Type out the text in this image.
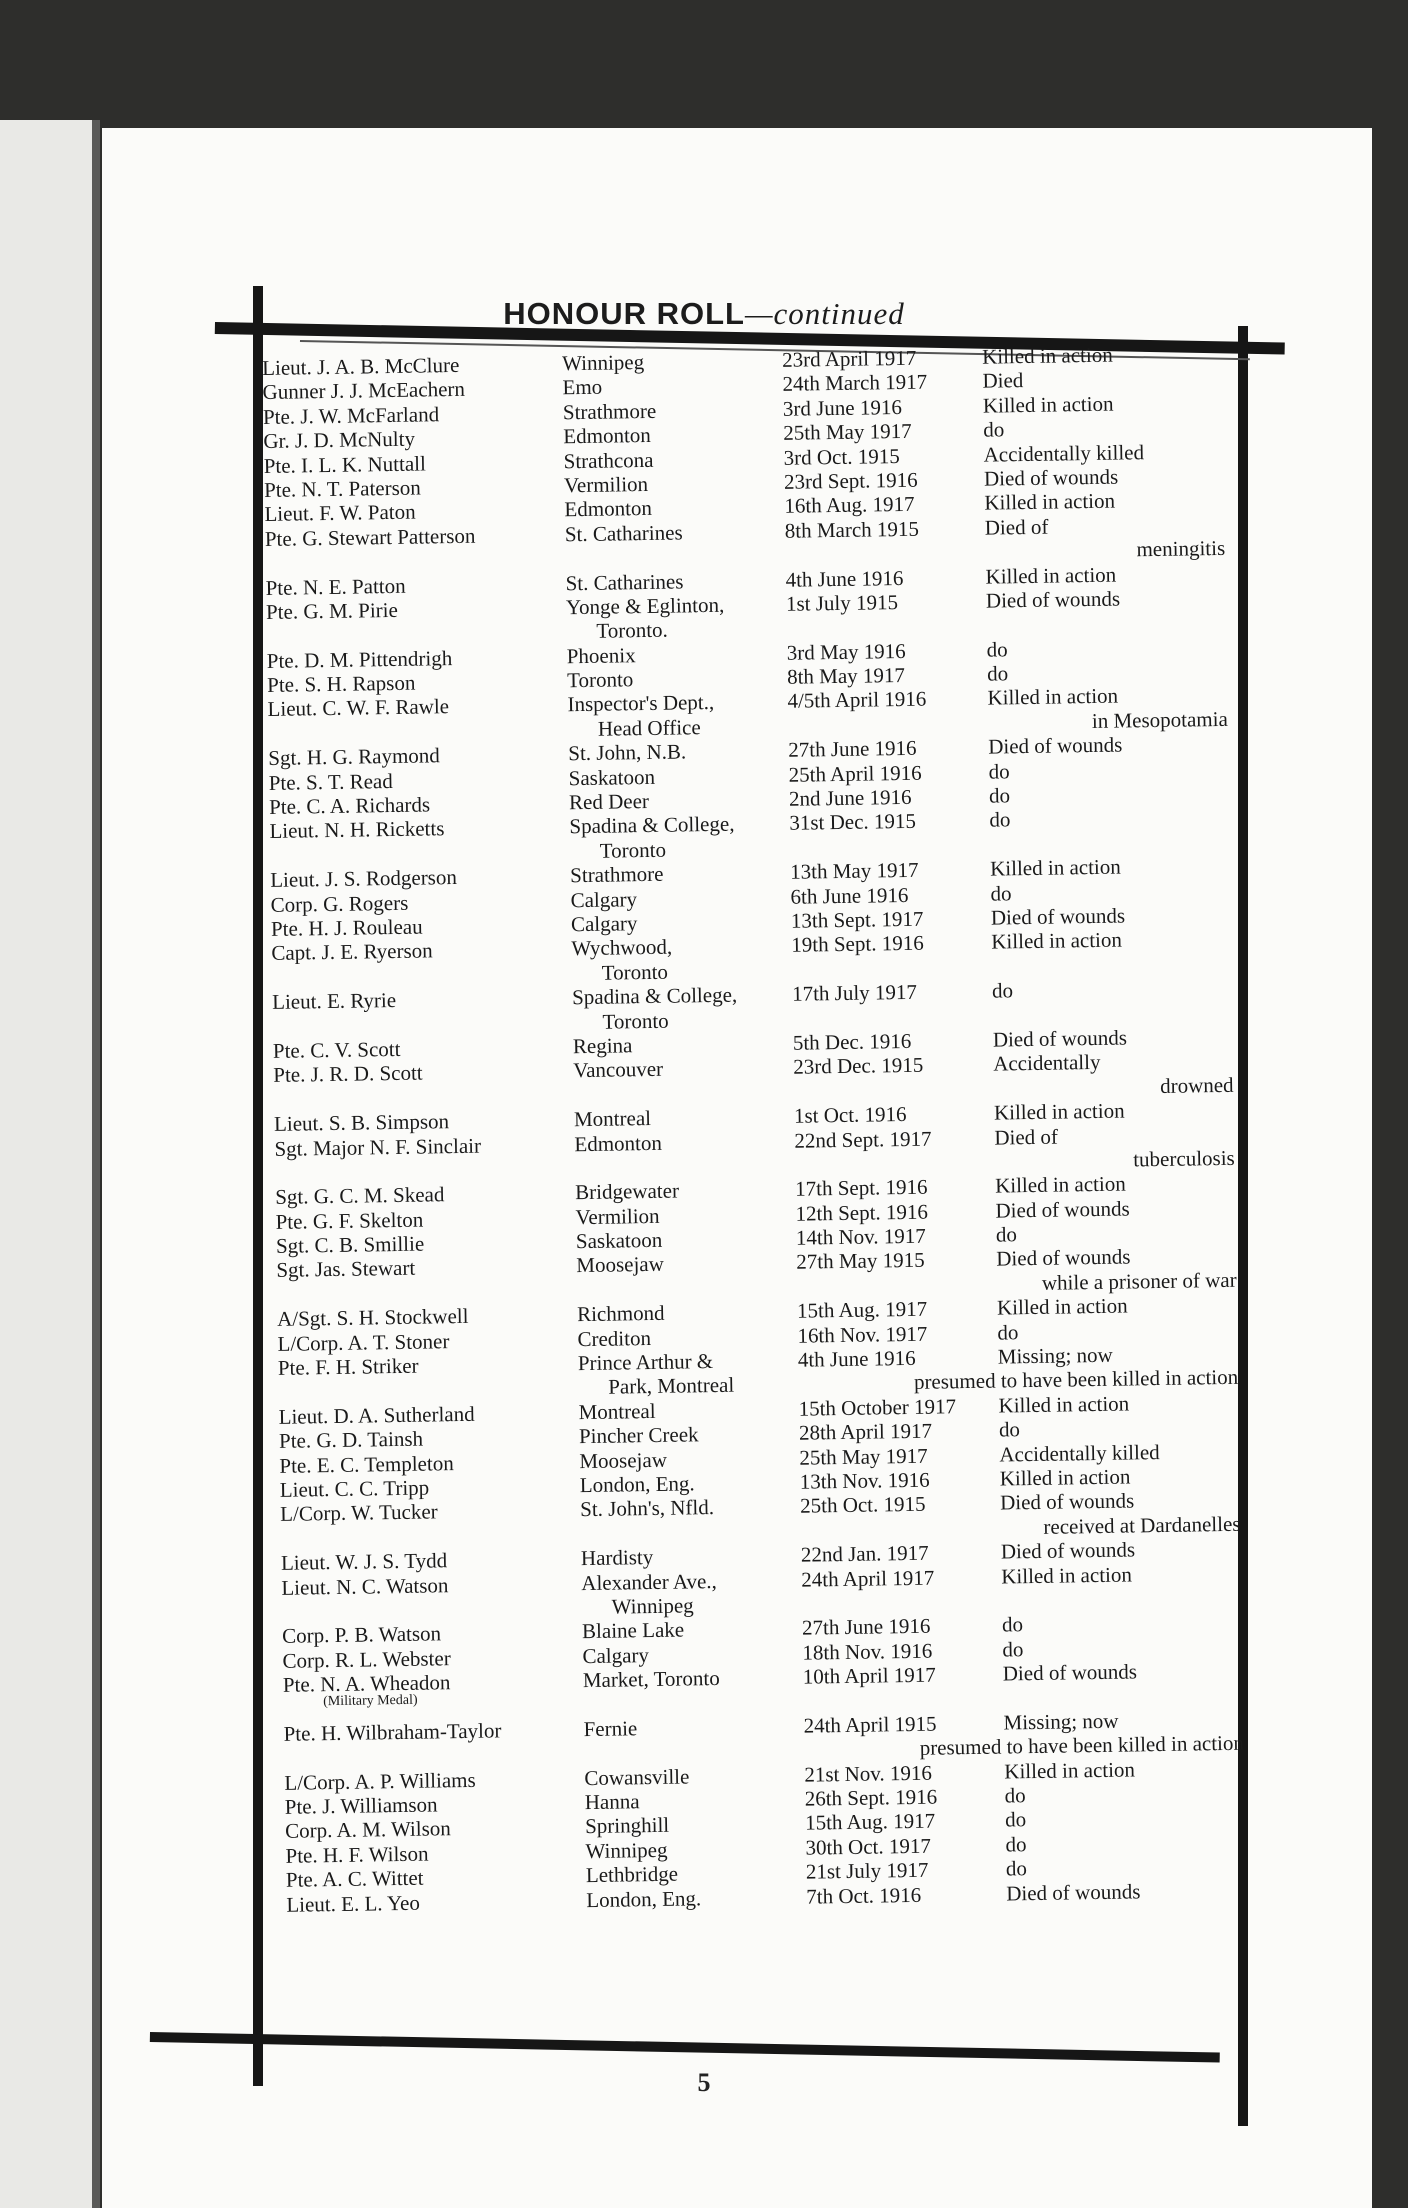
HONOUR ROLL—continued
Lieut. J. A. B. McClure	Winnipeg	23rd April 1917	Killed in action
Gunner J. J. McEachern	Emo	24th March 1917	Died
Pte. J. W. McFarland	Strathmore	3rd June 1916	Killed in action
Gr. J. D. McNulty	Edmonton	25th May 1917	do
Pte. I. L. K. Nuttall	Strathcona	3rd Oct. 1915	Accidentally killed
Pte. N. T. Paterson	Vermilion	23rd Sept. 1916	Died of wounds
Lieut. F. W. Paton	Edmonton	16th Aug. 1917	Killed in action
Pte. G. Stewart Patterson	St. Catharines	8th March 1915	Died of
meningitis
Pte. N. E. Patton	St. Catharines	4th June 1916	Killed in action
Pte. G. M. Pirie	Yonge & Eglinton,	1st July 1915	Died of wounds
Toronto.
Pte. D. M. Pittendrigh	Phoenix	3rd May 1916	do
Pte. S. H. Rapson	Toronto	8th May 1917	do
Lieut. C. W. F. Rawle	Inspector's Dept.,	4/5th April 1916	Killed in action
Head Office	in Mesopotamia
Sgt. H. G. Raymond	St. John, N.B.	27th June 1916	Died of wounds
Pte. S. T. Read	Saskatoon	25th April 1916	do
Pte. C. A. Richards	Red Deer	2nd June 1916	do
Lieut. N. H. Ricketts	Spadina & College,	31st Dec. 1915	do
Toronto
Lieut. J. S. Rodgerson	Strathmore	13th May 1917	Killed in action
Corp. G. Rogers	Calgary	6th June 1916	do
Pte. H. J. Rouleau	Calgary	13th Sept. 1917	Died of wounds
Capt. J. E. Ryerson	Wychwood,	19th Sept. 1916	Killed in action
Toronto
Lieut. E. Ryrie	Spadina & College,	17th July 1917	do
Toronto
Pte. C. V. Scott	Regina	5th Dec. 1916	Died of wounds
Pte. J. R. D. Scott	Vancouver	23rd Dec. 1915	Accidentally
drowned
Lieut. S. B. Simpson	Montreal	1st Oct. 1916	Killed in action
Sgt. Major N. F. Sinclair	Edmonton	22nd Sept. 1917	Died of
tuberculosis
Sgt. G. C. M. Skead	Bridgewater	17th Sept. 1916	Killed in action
Pte. G. F. Skelton	Vermilion	12th Sept. 1916	Died of wounds
Sgt. C. B. Smillie	Saskatoon	14th Nov. 1917	do
Sgt. Jas. Stewart	Moosejaw	27th May 1915	Died of wounds
while a prisoner of war
A/Sgt. S. H. Stockwell	Richmond	15th Aug. 1917	Killed in action
L/Corp. A. T. Stoner	Crediton	16th Nov. 1917	do
Pte. F. H. Striker	Prince Arthur &	4th June 1916	Missing; now
Park, Montreal	presumed to have been killed in action
Lieut. D. A. Sutherland	Montreal	15th October 1917 Killed in action
Pte. G. D. Tainsh	Pincher Creek	28th April 1917	do
Pte. E. C. Templeton	Moosejaw	25th May 1917	Accidentally killed
Lieut. C. C. Tripp	London, Eng.	13th Nov. 1916	Killed in action
L/Corp. W. Tucker	St. John's, Nfld.	25th Oct. 1915	Died of wounds
received at Dardanelles
Lieut. W. J. S. Tydd	Hardisty	22nd Jan. 1917	Died of wounds
Lieut. N. C. Watson	Alexander Ave.,	24th April 1917	Killed in action
Winnipeg
Corp. P. B. Watson	Blaine Lake	27th June 1916	do
Corp. R. L. Webster	Calgary	18th Nov. 1916	do
Pte. N. A. Wheadon	Market, Toronto	10th April 1917	Died of wounds
(Military Medal)
Pte. H. Wilbraham-Taylor	Fernie	24th April 1915	Missing; now
presumed to have been killed in action
L/Corp. A. P. Williams	Cowansville	21st Nov. 1916	Killed in action
Pte. J. Williamson	Hanna	26th Sept. 1916	do
Corp. A. M. Wilson	Springhill	15th Aug. 1917	do
Pte. H. F. Wilson	Winnipeg	30th Oct. 1917	do
Pte. A. C. Wittet	Lethbridge	21st July 1917	do
Lieut. E. L. Yeo	London, Eng.	7th Oct. 1916	Died of wounds
5
